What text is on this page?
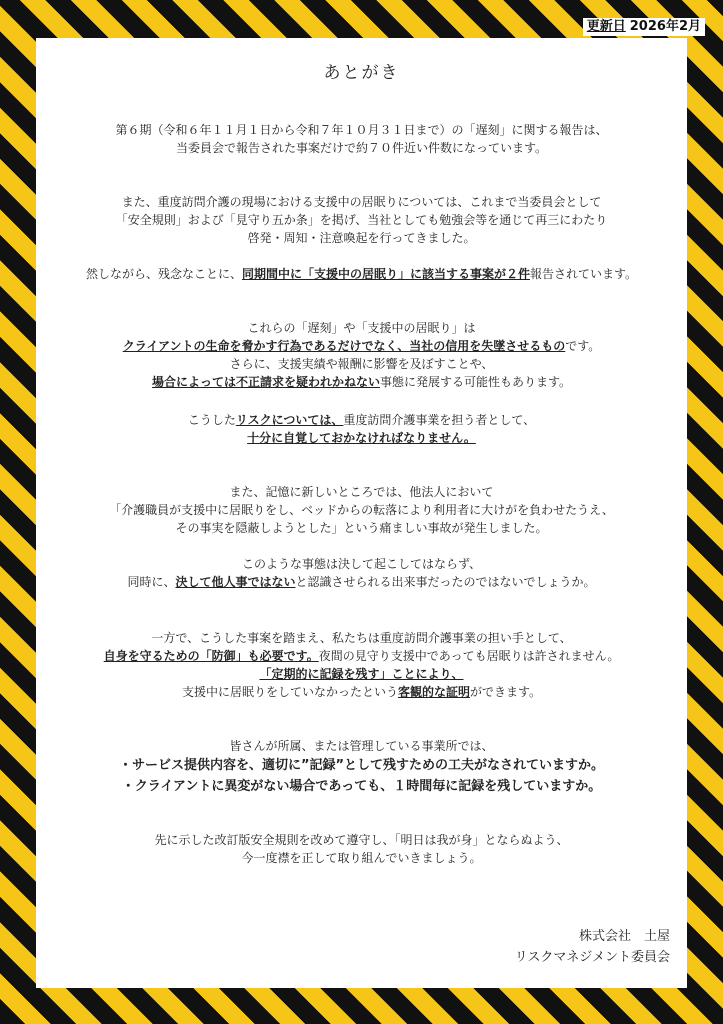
更新日 2026年2月
あとがき

第６期（令和６年１１月１日から令和７年１０月３１日まで）の「遅刻」に関する報告は、

当委員会で報告された事案だけで約７０件近い件数になっています。

また、重度訪問介護の現場における支援中の居眠りについては、これまで当委員会として

「安全規則」および「見守り五か条」を掲げ、当社としても勉強会等を通じて再三にわたり

啓発・周知・注意喚起を行ってきました。

然しながら、残念なことに、同期間中に「支援中の居眠り」に該当する事案が２件報告されています。

これらの「遅刻」や「支援中の居眠り」は

クライアントの生命を脅かす行為であるだけでなく、当社の信用を失墜させるものです。

さらに、支援実績や報酬に影響を及ぼすことや、

場合によっては不正請求を疑われかねない事態に発展する可能性もあります。

こうしたリスクについては、重度訪問介護事業を担う者として、

十分に自覚しておかなければなりません。

また、記憶に新しいところでは、他法人において

「介護職員が支援中に居眠りをし、ベッドからの転落により利用者に大けがを負わせたうえ、

その事実を隠蔽しようとした」という痛ましい事故が発生しました。

このような事態は決して起こしてはならず、

同時に、決して他人事ではないと認識させられる出来事だったのではないでしょうか。

一方で、こうした事案を踏まえ、私たちは重度訪問介護事業の担い手として、

自身を守るための「防御」も必要です。夜間の見守り支援中であっても居眠りは許されません。

「定期的に記録を残す」ことにより、

支援中に居眠りをしていなかったという客観的な証明ができます。

皆さんが所属、または管理している事業所では、

・サービス提供内容を、適切に”記録”として残すための工夫がなされていますか。

・クライアントに異変がない場合であっても、１時間毎に記録を残していますか。

先に示した改訂版安全規則を改めて遵守し、「明日は我が身」とならぬよう、

今一度襟を正して取り組んでいきましょう。

株式会社　土屋
リスクマネジメント委員会
